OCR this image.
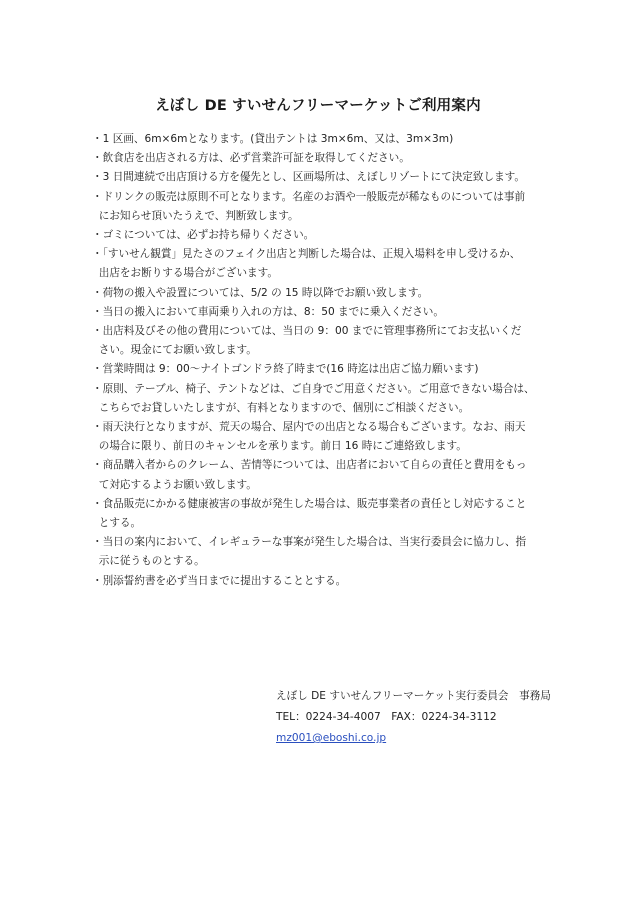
えぼし DE すいせんフリーマーケットご利用案内
・1 区画、6m×6mとなります。(貸出テントは 3m×6m、又は、3m×3m)
・飲食店を出店される方は、必ず営業許可証を取得してください。
・3 日間連続で出店頂ける方を優先とし、区画場所は、えぼしリゾートにて決定致します。
・ドリンクの販売は原則不可となります。名産のお酒や一般販売が稀なものについては事前
にお知らせ頂いたうえで、判断致します。
・ゴミについては、必ずお持ち帰りください。
・「すいせん観賞」見たさのフェイク出店と判断した場合は、正規入場料を申し受けるか、
出店をお断りする場合がございます。
・荷物の搬入や設置については、5/2 の 15 時以降でお願い致します。
・当日の搬入において車両乗り入れの方は、8：50 までに乗入ください。
・出店料及びその他の費用については、当日の 9：00 までに管理事務所にてお支払いくだ
さい。現金にてお願い致します。
・営業時間は 9：00～ナイトゴンドラ終了時まで(16 時迄は出店ご協力願います)
・原則、テーブル、椅子、テントなどは、ご自身でご用意ください。ご用意できない場合は、
こちらでお貸しいたしますが、有料となりますので、個別にご相談ください。
・雨天決行となりますが、荒天の場合、屋内での出店となる場合もございます。なお、雨天
の場合に限り、前日のキャンセルを承ります。前日 16 時にご連絡致します。
・商品購入者からのクレーム、苦情等については、出店者において自らの責任と費用をもっ
て対応するようお願い致します。
・食品販売にかかる健康被害の事故が発生した場合は、販売事業者の責任とし対応すること
とする。
・当日の案内において、イレギュラーな事案が発生した場合は、当実行委員会に協力し、指
示に従うものとする。
・別添誓約書を必ず当日までに提出することとする。
えぼし DE すいせんフリーマーケット実行委員会　事務局
TEL：0224-34-4007　FAX：0224-34-3112
mz001@eboshi.co.jp
